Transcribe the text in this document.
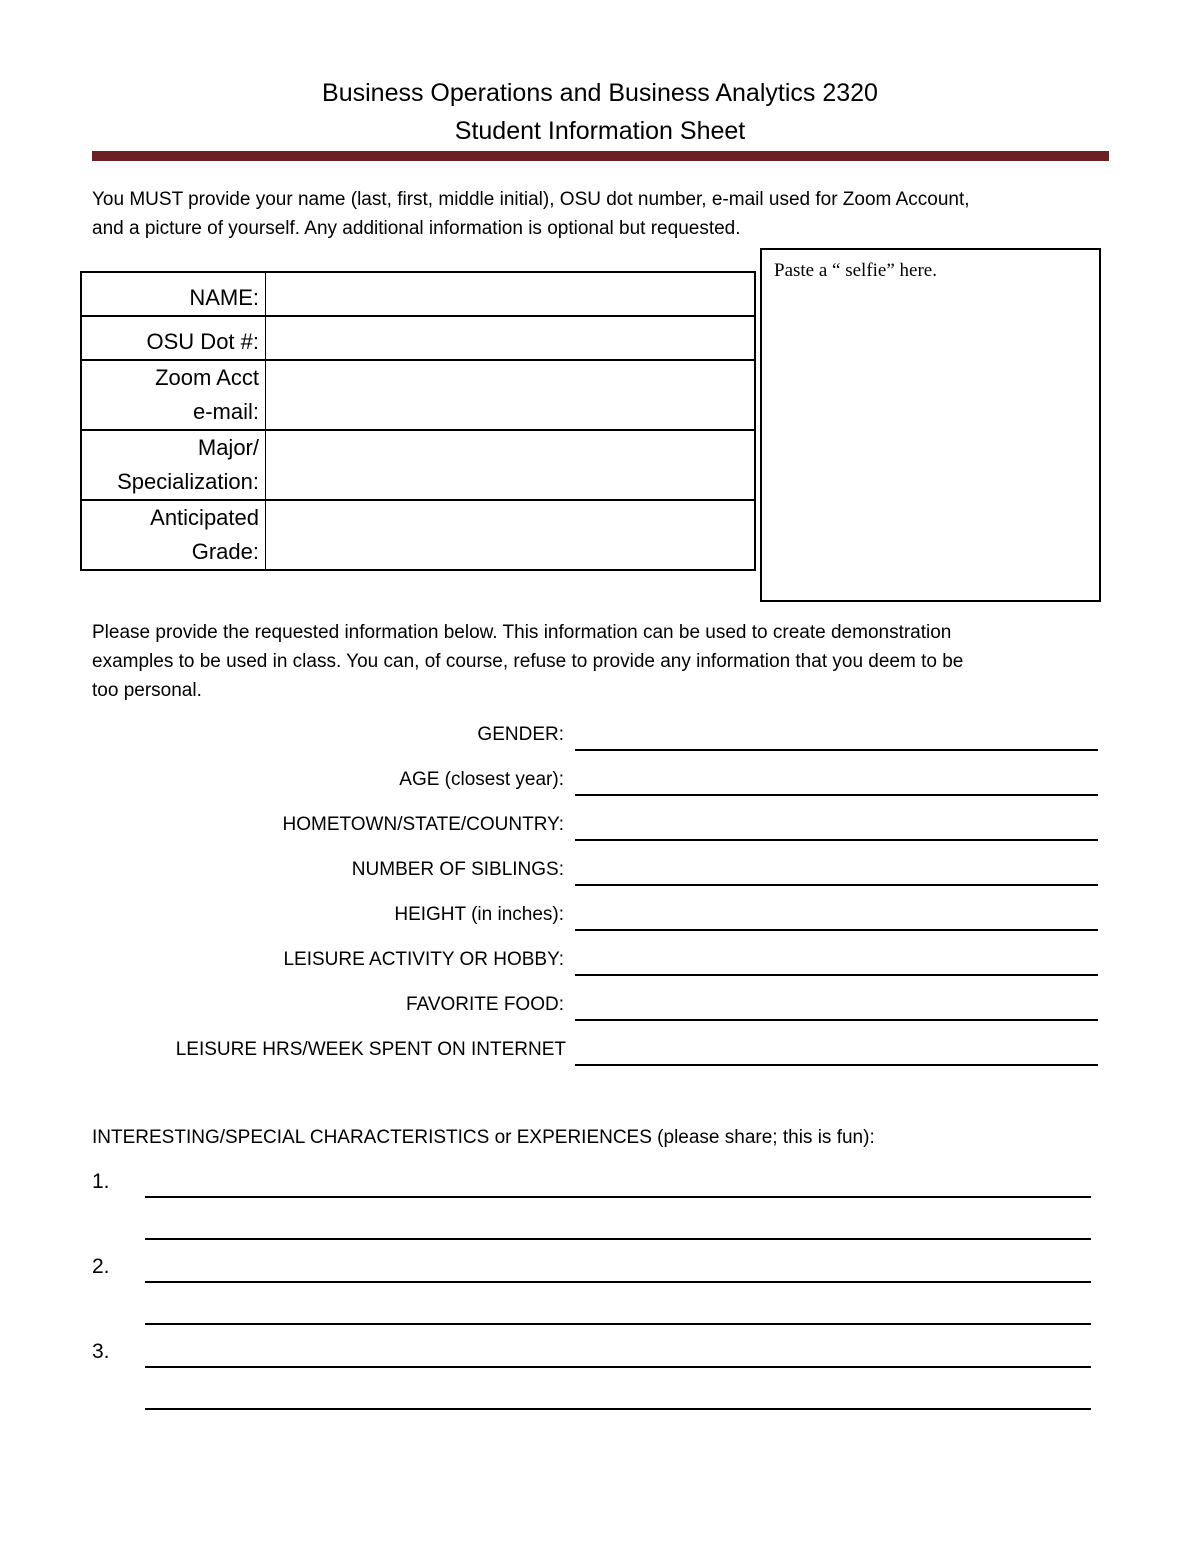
Business Operations and Business Analytics 2320
Student Information Sheet
You MUST provide your name (last, first, middle initial), OSU dot number, e-mail used for Zoom Account,
and a picture of yourself. Any additional information is optional but requested.
NAME:	
OSU Dot #:	
Zoom Acct
e-mail:	
Major/
Specialization:	
Anticipated
Grade:	
Paste a “ selfie” here.
Please provide the requested information below. This information can be used to create demonstration
examples to be used in class. You can, of course, refuse to provide any information that you deem to be
too personal.
GENDER:
AGE (closest year):
HOMETOWN/STATE/COUNTRY:
NUMBER OF SIBLINGS:
HEIGHT (in inches):
LEISURE ACTIVITY OR HOBBY:
FAVORITE FOOD:
LEISURE HRS/WEEK SPENT ON INTERNET
INTERESTING/SPECIAL CHARACTERISTICS or EXPERIENCES (please share; this is fun):
1.
2.
3.
